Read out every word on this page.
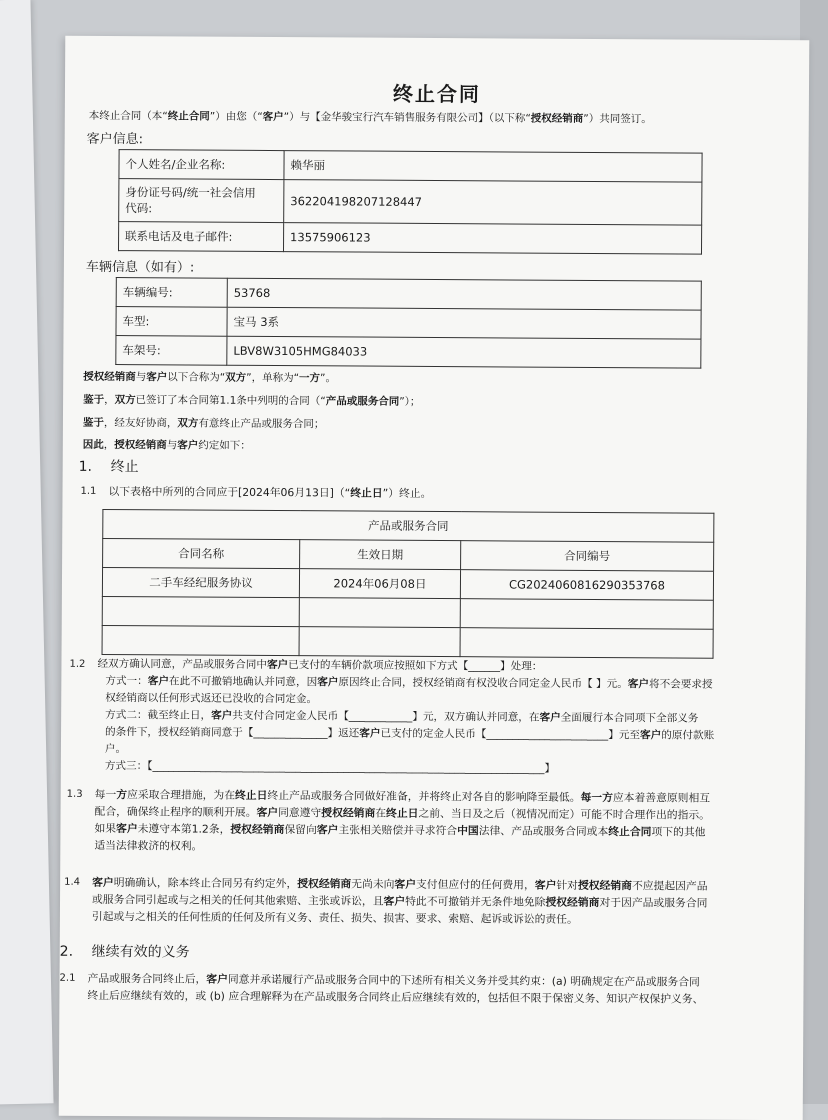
终止合同
本终止合同（本“终止合同”）由您（“客户”）与【金华骏宝行汽车销售服务有限公司】（以下称“授权经销商”）共同签订。
客户信息:
个人姓名/企业名称:	赖华丽

身份证号码/统一社会信用
代码:	362204198207128447
联系电话及电子邮件:	13575906123
车辆信息（如有）:
车辆编号:	53768
车型:	宝马 3系
车架号:	LBV8W3105HMG84033
授权经销商与客户以下合称为“双方”，单称为“一方”。
鉴于，双方已签订了本合同第1.1条中列明的合同（“产品或服务合同”）；
鉴于，经友好协商，双方有意终止产品或服务合同；
因此，授权经销商与客户约定如下：
1. 终止
1.1 以下表格中所列的合同应于[2024年06月13日]（“终止日”）终止。
产品或服务合同		
合同名称	生效日期	合同编号
二手车经纪服务协议	2024年06月08日	CG2024060816290353768

1.2 经双方确认同意，产品或服务合同中客户已支付的车辆价款项应按照如下方式【______】处理：
方式一：客户在此不可撤销地确认并同意，因客户原因终止合同，授权经销商有权没收合同定金人民币【 】元。客户将不会要求授
权经销商以任何形式返还已没收的合同定金。
方式二：截至终止日，客户共支付合同定金人民币【____________】元，双方确认并同意，在客户全面履行本合同项下全部义务
的条件下，授权经销商同意于【______________】返还客户已支付的定金人民币【_______________________】元至客户的原付款账
户。
方式三：【__________________________________________________________________________】
1.3 每一方应采取合理措施，为在终止日终止产品或服务合同做好准备，并将终止对各自的影响降至最低。每一方应本着善意原则相互
配合，确保终止程序的顺利开展。客户同意遵守授权经销商在终止日之前、当日及之后（视情况而定）可能不时合理作出的指示。
如果客户未遵守本第1.2条，授权经销商保留向客户主张相关赔偿并寻求符合中国法律、产品或服务合同或本终止合同项下的其他
适当法律救济的权利。
1.4 客户明确确认，除本终止合同另有约定外，授权经销商无尚未向客户支付但应付的任何费用，客户针对授权经销商不应提起因产品
或服务合同引起或与之相关的任何其他索赔、主张或诉讼，且客户特此不可撤销并无条件地免除授权经销商对于因产品或服务合同
引起或与之相关的任何性质的任何及所有义务、责任、损失、损害、要求、索赔、起诉或诉讼的责任。
2. 继续有效的义务
2.1 产品或服务合同终止后，客户同意并承诺履行产品或服务合同中的下述所有相关义务并受其约束：(a) 明确规定在产品或服务合同
终止后应继续有效的，或 (b) 应合理解释为在产品或服务合同终止后应继续有效的，包括但不限于保密义务、知识产权保护义务、
